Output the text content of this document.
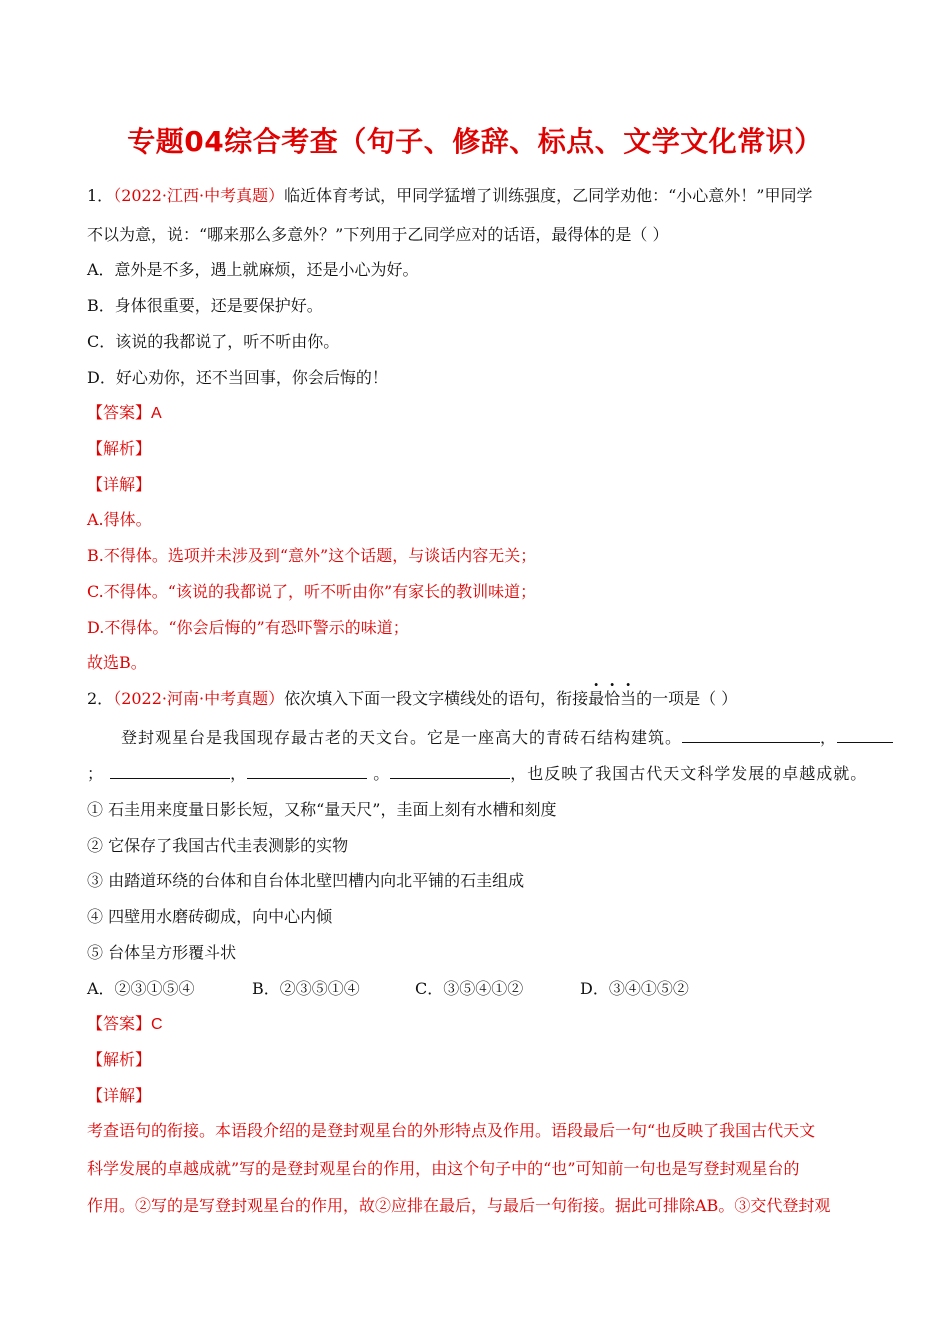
专题04综合考查（句子、修辞、标点、文学文化常识）
1．（2022·江西·中考真题）临近体育考试，甲同学猛增了训练强度，乙同学劝他：“小心意外！”甲同学
不以为意，说：“哪来那么多意外？”下列用于乙同学应对的话语，最得体的是（ ）
A．意外是不多，遇上就麻烦，还是小心为好。
B．身体很重要，还是要保护好。
C．该说的我都说了，听不听由你。
D．好心劝你，还不当回事，你会后悔的！
【答案】A
【解析】
【详解】
A.得体。
B.不得体。选项并未涉及到“意外”这个话题，与谈话内容无关；
C.不得体。“该说的我都说了，听不听由你”有家长的教训味道；
D.不得体。“你会后悔的”有恐吓警示的味道；
故选B。
2．（2022·河南·中考真题）依次填入下面一段文字横线处的语句，衔接最恰当的一项是（ ）
登封观星台是我国现存最古老的天文台。它是一座高大的青砖石结构建筑。	，
；	，	。	，也反映了我国古代天文科学发展的卓越成就。
① 石圭用来度量日影长短，又称“量天尺”，圭面上刻有水槽和刻度
② 它保存了我国古代圭表测影的实物
③ 由踏道环绕的台体和自台体北壁凹槽内向北平铺的石圭组成
④ 四壁用水磨砖砌成，向中心内倾
⑤ 台体呈方形覆斗状
A．②③①⑤④	B．②③⑤①④	C．③⑤④①②	D．③④①⑤②
【答案】C
【解析】
【详解】
考查语句的衔接。本语段介绍的是登封观星台的外形特点及作用。语段最后一句“也反映了我国古代天文
科学发展的卓越成就”写的是登封观星台的作用，由这个句子中的“也”可知前一句也是写登封观星台的
作用。②写的是写登封观星台的作用，故②应排在最后，与最后一句衔接。据此可排除AB。③交代登封观
